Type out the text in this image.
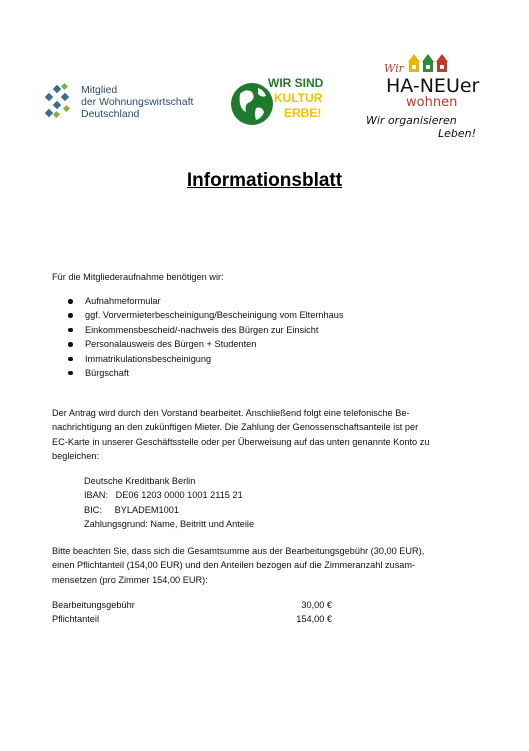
Mitglied
der Wohnungswirtschaft
Deutschland
WIR SIND
KULTUR
ERBE!
Wir
HA-NEUer
wohnen
Wir organisieren
Leben!
Informationsblatt
Für die Mitgliederaufnahme benötigen wir:
Aufnahmeformular
ggf. Vorvermieterbescheinigung/Bescheinigung vom Elternhaus
Einkommensbescheid/-nachweis des Bürgen zur Einsicht
Personalausweis des Bürgen + Studenten
Immatrikulationsbescheinigung
Bürgschaft
Der Antrag wird durch den Vorstand bearbeitet. Anschließend folgt eine telefonische Be-
nachrichtigung an den zukünftigen Mieter. Die Zahlung der Genossenschaftsanteile ist per
EC-Karte in unserer Geschäftsstelle oder per Überweisung auf das unten genannte Konto zu
begleichen:
Deutsche Kreditbank Berlin
IBAN:   DE06 1203 0000 1001 2115 21
BIC:     BYLADEM1001
Zahlungsgrund: Name, Beitritt und Anteile
Bitte beachten Sie, dass sich die Gesamtsumme aus der Bearbeitungsgebühr (30,00 EUR),
einen Pflichtanteil (154,00 EUR) und den Anteilen bezogen auf die Zimmeranzahl zusam-
mensetzen (pro Zimmer 154,00 EUR):
Bearbeitungsgebühr	30,00 €
Pflichtanteil	154,00 €
